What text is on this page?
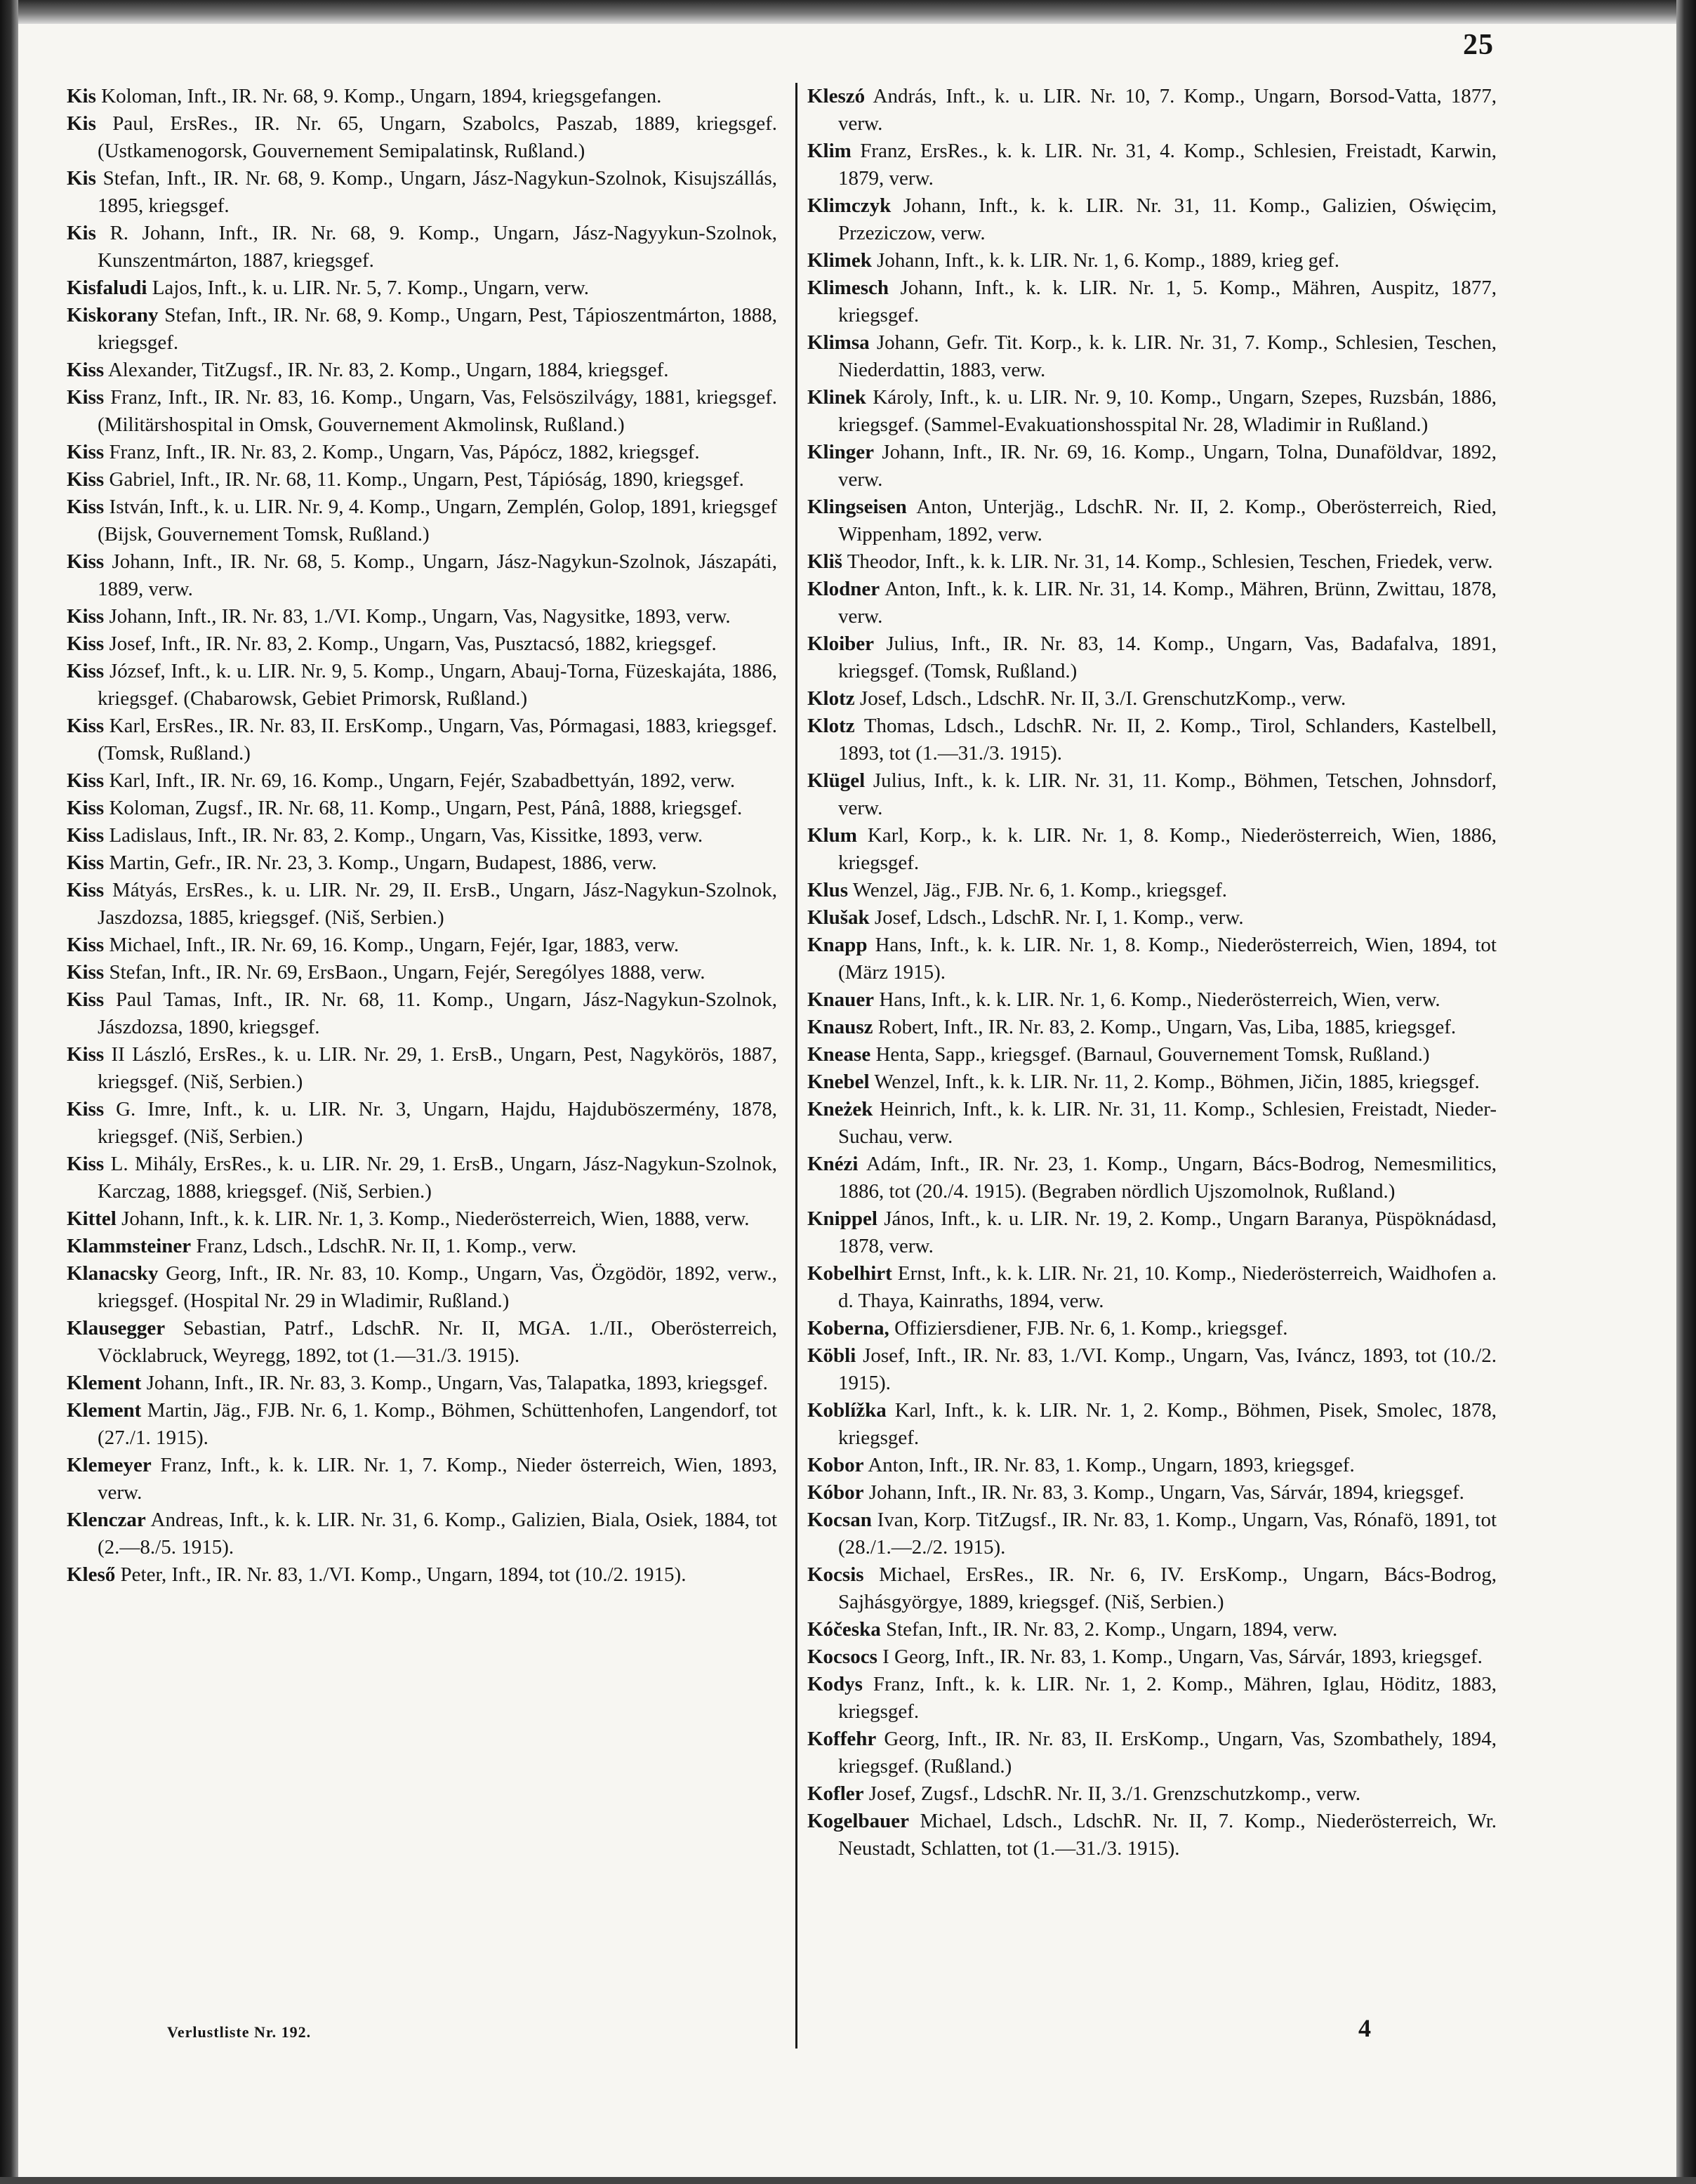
25
Kis Koloman, Inft., IR. Nr. 68, 9. Komp., Ungarn, 1894, kriegsgefangen.
Kis Paul, ErsRes., IR. Nr. 65, Ungarn, Szabolcs, Paszab, 1889, kriegsgef. (Ustkamenogorsk, Gouvernement Semipalatinsk, Rußland.)
Kis Stefan, Inft., IR. Nr. 68, 9. Komp., Ungarn, Jász-Nagykun-Szolnok, Kisujszállás, 1895, kriegsgef.
Kis R. Johann, Inft., IR. Nr. 68, 9. Komp., Ungarn, Jász-Nagyykun-Szolnok, Kunszentmárton, 1887, kriegsgef.
Kisfaludi Lajos, Inft., k. u. LIR. Nr. 5, 7. Komp., Ungarn, verw.
Kiskorany Stefan, Inft., IR. Nr. 68, 9. Komp., Ungarn, Pest, Tápioszentmárton, 1888, kriegsgef.
Kiss Alexander, TitZugsf., IR. Nr. 83, 2. Komp., Ungarn, 1884, kriegsgef.
Kiss Franz, Inft., IR. Nr. 83, 16. Komp., Ungarn, Vas, Felsöszilvágy, 1881, kriegsgef. (Militärshospital in Omsk, Gouvernement Akmolinsk, Rußland.)
Kiss Franz, Inft., IR. Nr. 83, 2. Komp., Ungarn, Vas, Pápócz, 1882, kriegsgef.
Kiss Gabriel, Inft., IR. Nr. 68, 11. Komp., Ungarn, Pest, Tápióság, 1890, kriegsgef.
Kiss István, Inft., k. u. LIR. Nr. 9, 4. Komp., Ungarn, Zemplén, Golop, 1891, kriegsgef (Bijsk, Gouvernement Tomsk, Rußland.)
Kiss Johann, Inft., IR. Nr. 68, 5. Komp., Ungarn, Jász-Nagykun-Szolnok, Jászapáti, 1889, verw.
Kiss Johann, Inft., IR. Nr. 83, 1./VI. Komp., Ungarn, Vas, Nagysitke, 1893, verw.
Kiss Josef, Inft., IR. Nr. 83, 2. Komp., Ungarn, Vas, Pusztacsó, 1882, kriegsgef.
Kiss József, Inft., k. u. LIR. Nr. 9, 5. Komp., Ungarn, Abauj-Torna, Füzeskajáta, 1886, kriegsgef. (Chabarowsk, Gebiet Primorsk, Rußland.)
Kiss Karl, ErsRes., IR. Nr. 83, II. ErsKomp., Ungarn, Vas, Pórmagasi, 1883, kriegsgef. (Tomsk, Rußland.)
Kiss Karl, Inft., IR. Nr. 69, 16. Komp., Ungarn, Fejér, Szabadbettyán, 1892, verw.
Kiss Koloman, Zugsf., IR. Nr. 68, 11. Komp., Ungarn, Pest, Pánâ, 1888, kriegsgef.
Kiss Ladislaus, Inft., IR. Nr. 83, 2. Komp., Ungarn, Vas, Kissitke, 1893, verw.
Kiss Martin, Gefr., IR. Nr. 23, 3. Komp., Ungarn, Budapest, 1886, verw.
Kiss Mátyás, ErsRes., k. u. LIR. Nr. 29, II. ErsB., Ungarn, Jász-Nagykun-Szolnok, Jaszdozsa, 1885, kriegsgef. (Niš, Serbien.)
Kiss Michael, Inft., IR. Nr. 69, 16. Komp., Ungarn, Fejér, Igar, 1883, verw.
Kiss Stefan, Inft., IR. Nr. 69, ErsBaon., Ungarn, Fejér, Serególyes 1888, verw.
Kiss Paul Tamas, Inft., IR. Nr. 68, 11. Komp., Ungarn, Jász-Nagykun-Szolnok, Jászdozsa, 1890, kriegsgef.
Kiss II László, ErsRes., k. u. LIR. Nr. 29, 1. ErsB., Ungarn, Pest, Nagykörös, 1887, kriegsgef. (Niš, Serbien.)
Kiss G. Imre, Inft., k. u. LIR. Nr. 3, Ungarn, Hajdu, Hajduböszermény, 1878, kriegsgef. (Niš, Serbien.)
Kiss L. Mihály, ErsRes., k. u. LIR. Nr. 29, 1. ErsB., Ungarn, Jász-Nagykun-Szolnok, Karczag, 1888, kriegsgef. (Niš, Serbien.)
Kittel Johann, Inft., k. k. LIR. Nr. 1, 3. Komp., Niederösterreich, Wien, 1888, verw.
Klammsteiner Franz, Ldsch., LdschR. Nr. II, 1. Komp., verw.
Klanacsky Georg, Inft., IR. Nr. 83, 10. Komp., Ungarn, Vas, Özgödör, 1892, verw., kriegsgef. (Hospital Nr. 29 in Wladimir, Rußland.)
Klausegger Sebastian, Patrf., LdschR. Nr. II, MGA. 1./II., Oberösterreich, Vöcklabruck, Weyregg, 1892, tot (1.—31./3. 1915).
Klement Johann, Inft., IR. Nr. 83, 3. Komp., Ungarn, Vas, Talapatka, 1893, kriegsgef.
Klement Martin, Jäg., FJB. Nr. 6, 1. Komp., Böhmen, Schüttenhofen, Langendorf, tot (27./1. 1915).
Klemeyer Franz, Inft., k. k. LIR. Nr. 1, 7. Komp., Nieder österreich, Wien, 1893, verw.
Klenczar Andreas, Inft., k. k. LIR. Nr. 31, 6. Komp., Galizien, Biala, Osiek, 1884, tot (2.—8./5. 1915).
Kleső Peter, Inft., IR. Nr. 83, 1./VI. Komp., Ungarn, 1894, tot (10./2. 1915).
Kleszó András, Inft., k. u. LIR. Nr. 10, 7. Komp., Ungarn, Borsod-Vatta, 1877, verw.
Klim Franz, ErsRes., k. k. LIR. Nr. 31, 4. Komp., Schlesien, Freistadt, Karwin, 1879, verw.
Klimczyk Johann, Inft., k. k. LIR. Nr. 31, 11. Komp., Galizien, Oświęcim, Przeziczow, verw.
Klimek Johann, Inft., k. k. LIR. Nr. 1, 6. Komp., 1889, krieg gef.
Klimesch Johann, Inft., k. k. LIR. Nr. 1, 5. Komp., Mähren, Auspitz, 1877, kriegsgef.
Klimsa Johann, Gefr. Tit. Korp., k. k. LIR. Nr. 31, 7. Komp., Schlesien, Teschen, Niederdattin, 1883, verw.
Klinek Károly, Inft., k. u. LIR. Nr. 9, 10. Komp., Ungarn, Szepes, Ruzsbán, 1886, kriegsgef. (Sammel-Evakuationshosspital Nr. 28, Wladimir in Rußland.)
Klinger Johann, Inft., IR. Nr. 69, 16. Komp., Ungarn, Tolna, Dunaföldvar, 1892, verw.
Klingseisen Anton, Unterjäg., LdschR. Nr. II, 2. Komp., Oberösterreich, Ried, Wippenham, 1892, verw.
Kliš Theodor, Inft., k. k. LIR. Nr. 31, 14. Komp., Schlesien, Teschen, Friedek, verw.
Klodner Anton, Inft., k. k. LIR. Nr. 31, 14. Komp., Mähren, Brünn, Zwittau, 1878, verw.
Kloiber Julius, Inft., IR. Nr. 83, 14. Komp., Ungarn, Vas, Badafalva, 1891, kriegsgef. (Tomsk, Rußland.)
Klotz Josef, Ldsch., LdschR. Nr. II, 3./I. GrenschutzKomp., verw.
Klotz Thomas, Ldsch., LdschR. Nr. II, 2. Komp., Tirol, Schlanders, Kastelbell, 1893, tot (1.—31./3. 1915).
Klügel Julius, Inft., k. k. LIR. Nr. 31, 11. Komp., Böhmen, Tetschen, Johnsdorf, verw.
Klum Karl, Korp., k. k. LIR. Nr. 1, 8. Komp., Niederösterreich, Wien, 1886, kriegsgef.
Klus Wenzel, Jäg., FJB. Nr. 6, 1. Komp., kriegsgef.
Klušak Josef, Ldsch., LdschR. Nr. I, 1. Komp., verw.
Knapp Hans, Inft., k. k. LIR. Nr. 1, 8. Komp., Niederösterreich, Wien, 1894, tot (März 1915).
Knauer Hans, Inft., k. k. LIR. Nr. 1, 6. Komp., Niederösterreich, Wien, verw.
Knausz Robert, Inft., IR. Nr. 83, 2. Komp., Ungarn, Vas, Liba, 1885, kriegsgef.
Knease Henta, Sapp., kriegsgef. (Barnaul, Gouvernement Tomsk, Rußland.)
Knebel Wenzel, Inft., k. k. LIR. Nr. 11, 2. Komp., Böhmen, Jičin, 1885, kriegsgef.
Kneżek Heinrich, Inft., k. k. LIR. Nr. 31, 11. Komp., Schlesien, Freistadt, Nieder-Suchau, verw.
Knézi Adám, Inft., IR. Nr. 23, 1. Komp., Ungarn, Bács-Bodrog, Nemesmilitics, 1886, tot (20./4. 1915). (Begraben nördlich Ujszomolnok, Rußland.)
Knippel János, Inft., k. u. LIR. Nr. 19, 2. Komp., Ungarn Baranya, Püspöknádasd, 1878, verw.
Kobelhirt Ernst, Inft., k. k. LIR. Nr. 21, 10. Komp., Niederösterreich, Waidhofen a. d. Thaya, Kainraths, 1894, verw.
Koberna, Offiziersdiener, FJB. Nr. 6, 1. Komp., kriegsgef.
Köbli Josef, Inft., IR. Nr. 83, 1./VI. Komp., Ungarn, Vas, Iváncz, 1893, tot (10./2. 1915).
Koblížka Karl, Inft., k. k. LIR. Nr. 1, 2. Komp., Böhmen, Pisek, Smolec, 1878, kriegsgef.
Kobor Anton, Inft., IR. Nr. 83, 1. Komp., Ungarn, 1893, kriegsgef.
Kóbor Johann, Inft., IR. Nr. 83, 3. Komp., Ungarn, Vas, Sárvár, 1894, kriegsgef.
Kocsan Ivan, Korp. TitZugsf., IR. Nr. 83, 1. Komp., Ungarn, Vas, Rónafö, 1891, tot (28./1.—2./2. 1915).
Kocsis Michael, ErsRes., IR. Nr. 6, IV. ErsKomp., Ungarn, Bács-Bodrog, Sajhásgyörgye, 1889, kriegsgef. (Niš, Serbien.)
Kóčeska Stefan, Inft., IR. Nr. 83, 2. Komp., Ungarn, 1894, verw.
Kocsocs I Georg, Inft., IR. Nr. 83, 1. Komp., Ungarn, Vas, Sárvár, 1893, kriegsgef.
Kodys Franz, Inft., k. k. LIR. Nr. 1, 2. Komp., Mähren, Iglau, Höditz, 1883, kriegsgef.
Koffehr Georg, Inft., IR. Nr. 83, II. ErsKomp., Ungarn, Vas, Szombathely, 1894, kriegsgef. (Rußland.)
Kofler Josef, Zugsf., LdschR. Nr. II, 3./1. Grenzschutzkomp., verw.
Kogelbauer Michael, Ldsch., LdschR. Nr. II, 7. Komp., Niederösterreich, Wr. Neustadt, Schlatten, tot (1.—31./3. 1915).
Verlustliste Nr. 192.	4
